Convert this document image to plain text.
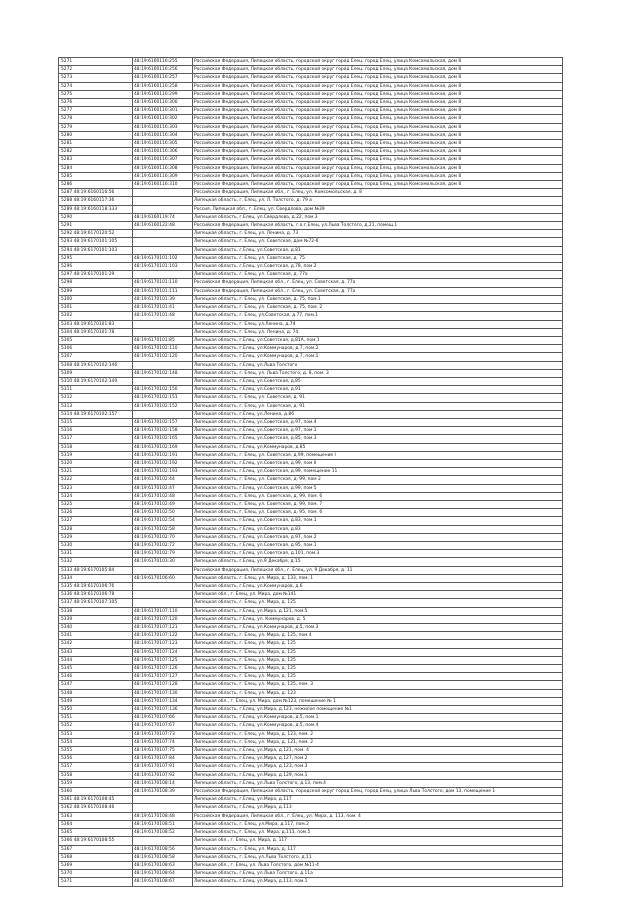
5271	48:19:6160116:255	Российская Федерация, Липецкая область, городской округ город Елец, город Елец, улица Комсомольская, дом 8
5272	48:19:6160116:256	Российская Федерация, Липецкая область, городской округ город Елец, город Елец, улица Комсомольская, дом 8
5273	48:19:6160116:257	Российская Федерация, Липецкая область, городской округ город Елец, город Елец, улица Комсомольская, дом 8
5274	48:19:6160116:258	Российская Федерация, Липецкая область, городской округ город Елец, город Елец, улица Комсомольская, дом 8
5275	48:19:6160116:299	Российская Федерация, Липецкая область, городской округ город Елец, город Елец, улица Комсомольская, дом 8
5276	48:19:6160116:300	Российская Федерация, Липецкая область, городской округ город Елец, город Елец, улица Комсомольская, дом 8
5277	48:19:6160116:301	Российская Федерация, Липецкая область, городской округ город Елец, город Елец, улица Комсомольская, дом 8
5278	48:19:6160116:302	Российская Федерация, Липецкая область, городской округ город Елец, город Елец, улица Комсомольская, дом 8
5279	48:19:6160116:303	Российская Федерация, Липецкая область, городской округ город Елец, город Елец, улица Комсомольская, дом 8
5280	48:19:6160116:304	Российская Федерация, Липецкая область, городской округ город Елец, город Елец, улица Комсомольская, дом 8
5281	48:19:6160116:305	Российская Федерация, Липецкая область, городской округ город Елец, город Елец, улица Комсомольская, дом 8
5282	48:19:6160116:306	Российская Федерация, Липецкая область, городской округ город Елец, город Елец, улица Комсомольская, дом 8
5283	48:19:6160116:307	Российская Федерация, Липецкая область, городской округ город Елец, город Елец, улица Комсомольская, дом 8
5284	48:19:6160116:308	Российская Федерация, Липецкая область, городской округ город Елец, город Елец, улица Комсомольская, дом 8
5285	48:19:6160116:309	Российская Федерация, Липецкая область, городской округ город Елец, город Елец, улица Комсомольская, дом 8
5286	48:19:6160116:310	Российская Федерация, Липецкая область, городской округ город Елец, город Елец, улица Комсомольская, дом 8
5287 48:19:6160116:56		Российская Федерация, Липецкая обл., г. Елец, ул. Комсомольская, д. 8
5288 48:19:6160117:36		Липецкая область, г. Елец, ул. Л. Толстого, д. 79 а
5289 48:19:6160118:333		Россия, Липецкая обл., г. Елец, ул. Свердлова, дом №39
5290	48:19:6160119:74	Липецкая область, г.Елец, ул.Свердлова, д.22, пом.3
5291	48:19:6160122:48	Российская Федерация, Липецкая область, г.о.г.Елец, ул.Льва Толстого, д.21, помещ.1
5292 48:19:6170120:52		Липецкая область, г. Елец, ул. Ленина, д. 73
5293 48:19:6170101:105		Липецкая область, г. Елец, ул. Советская, дом №72-6
5294 48:19:6170101:103		Липецкая область, г.Елец, ул.Советская, д.81
5295	48:19:6170101:102	Липецкая область, г. Елец, ул. Советская, д. 75
5296	48:19:6170101:103	Липецкая область, г.Елец, ул.Советская, д.78, пом.2
5297 48:19:6170101:29		Липецкая область, г. Елец, ул. Советская, д. 77а
5298	48:19:6170101:110	Российская Федерация, Липецкая обл., г. Елец, ул. Советская, д. 77а
5299	48:19:6170101:111	Российская Федерация, Липецкая обл., г. Елец, ул. Советская, д. 77а
5300	48:19:6170101:39	Липецкая область, г. Елец, ул. Советская, д. 75, пом.1
5301	48:19:6170101:41	Липецкая область, г. Елец, ул. Советская, д. 75, пом. 2
5302	48:19:6170101:48	Липецкая область, г. Елец, ул.Советская, д.77, пом.1
5303 48:19:6170101:83		Липецкая область, г. Елец, ул.Ленина, д.74
5304 48:19:6170101:78		Липецкая область, г. Елец, ул. Ленина, д. 74
5305	48:19:6170101:85	Липецкая область, г.Елец, ул.Советская, д.81А, пом.1
5306	48:19:6170102:110	Липецкая область, г.Елец, ул.Коммунаров, д.7, пом.2
5307	48:19:6170102:120	Липецкая область, г.Елец, ул.Коммунаров, д.7, пом.1
5308 48:19:6170102:146		Липецкая область, г.Елец, ул.Льва Толстого
5309	48:19:6170102:148	Липецкая область, г. Елец, ул. Льва Толстого, д. 8, пом. 3
5310 48:19:6170102:149		Липецкая область, г.Елец, ул.Советская, д.85
5311	48:19:6170102:150	Липецкая область, г.Елец, ул.Советская, д.91
5312	48:19:6170102:151	Липецкая область, г. Елец, ул. Советская, д. 91
5313	48:19:6170102:152	Липецкая область, г. Елец, ул. Советская, д. 91
5314 48:19:6170102:157		Липецкая область, г.Елец, ул.Ленина, д.86
5315	48:19:6170102:157	Липецкая область, г.Елец, ул.Советская, д.97, пом.4
5316	48:19:6170102:158	Липецкая область, г.Елец, ул.Советская, д.97, пом.1
5317	48:19:6170102:165	Липецкая область, г.Елец, ул.Советская, д.85, пом.3
5318	48:19:6170102:169	Липецкая область, г.Елец, ул.Коммунаров, д.85
5319	48:19:6170102:191	Липецкая область, г. Елец, ул. Советская, д.99, помещение I
5320	48:19:6170102:192	Липецкая область, г.Елец, ул.Советская, д.99, пом II
5321	48:19:6170102:193	Липецкая область, г.Елец, ул.Советская, д.99, помещение 11
5322	48:19:6170102:44	Липецкая область, г. Елец, ул. Советская, д. 99, пом 2
5323	48:19:6170102:47	Липецкая область, г.Елец, ул.Советская, д.99, пом 5
5324	48:19:6170102:48	Липецкая область, г. Елец, ул. Советская, д. 99, пом. 6
5325	48:19:6170102:49	Липецкая область, г. Елец, ул. Советская, д. 99, пом. 7
5326	48:19:6170102:50	Липецкая область, г. Елец, ул. Советская, д. 95, пом. 6
5327	48:19:6170102:54	Липецкая область, г.Елец, ул.Советская, д.83, пом.1
5328	48:19:6170102:58	Липецкая область, г.Елец, ул.Советская, д.83
5329	48:19:6170102:70	Липецкая область, г.Елец, ул.Советская, д.97, пом.2
5330	48:19:6170102:72	Липецкая область, г.Елец, ул.Советская, д.95, пом.1
5331	48:19:6170102:79	Липецкая область, г.Елец, ул.Советская, д.101, пом.3
5332	48:19:6170103:30	Липецкая область, г.Елец, ул.9 Декабря, д.15
5333 48:19:6170105:84		Российская Федерация, Липецкая обл., г. Елец, ул. 9 Декабря, д. 11
5334	48:19:6170106:60	Липецкая область, г. Елец, ул. Мира, д. 133, пом. 1
5335 48:19:6170106:76		Липецкая область, г.Елец, ул.Коммунаров, д.6
5336 48:19:6170106:78		Липецкая обл., г. Елец, ул. Мира, дом №141
5337 48:19:6170107:105		Липецкая область, г. Елец, ул. Мира, д. 125
5338	48:19:6170107:110	Липецкая область, г.Елец, ул.Мира, д.121, пом.5
5339	48:19:6170107:120	Липецкая область, г.Елец, ул. Коммунаров, д. 5
5340	48:19:6170107:121	Липецкая область, г.Елец, ул.Коммунаров, д.5, пом.3
5341	48:19:6170107:122	Липецкая область, г. Елец, ул. Мира, д. 125, пом 4
5342	48:19:6170107:123	Липецкая область, г. Елец, ул. Мира, д. 125
5343	48:19:6170107:124	Липецкая область, г. Елец, ул. Мира, д. 125
5344	48:19:6170107:125	Липецкая область, г. Елец, ул. Мира, д. 125
5345	48:19:6170107:126	Липецкая область, г. Елец, ул. Мира, д. 125
5346	48:19:6170107:127	Липецкая область, г. Елец, ул. Мира, д. 125
5347	48:19:6170107:128	Липецкая область, г. Елец, ул. Мира, д. 125, пом. 3
5348	48:19:6170107:130	Липецкая область, г. Елец, ул. Мира, д. 123
5349	48:19:6170107:134	Липецкая обл., г. Елец, ул. Мира, дом №123, помещение № 1
5350	48:19:6170107:136	Липецкая область, г.Елец, ул.Мира, д.123, нежилое помещение №1
5351	48:19:6170107:66	Липецкая область, г.Елец, ул.Коммунаров, д.5, пом.1
5352	48:19:6170107:67	Липецкая область, г.Елец, ул.Коммунаров, д.5, пом.4
5353	48:19:6170107:73	Липецкая область, г. Елец, ул. Мира, д. 123, пом. 2
5354	48:19:6170107:74	Липецкая область, г. Елец, ул. Мира, д. 121, пом. 2
5355	48:19:6170107:75	Липецкая область, г.Елец, ул.Мира, д.121, пом. 4
5356	48:19:6170107:84	Липецкая область, г.Елец, ул.Мира, д.127, пом.2
5357	48:19:6170107:91	Липецкая область, г.Елец, ул.Мира, д.123, пом.3
5358	48:19:6170107:92	Липецкая область, г.Елец, ул.Мира, д.129, пом.1
5359	48:19:6170108:14	Липецкая область, г.Елец, ул.Льва Толстого, д.13, пом.4
5360	48:19:6170108:39	Российская Федерация, Липецкая область, городской округ город Елец, город Елец, улица Льва Толстого, дом 13, помещение 1
5361 48:19:6170108:45		Липецкая область, г.Елец, ул.Мира, д.117
5362 48:19:6170108:46		Липецкая область, г.Елец, ул.Мира, д.113
5363	48:19:6170108:48	Российская Федерация, Липецкая обл., г. Елец, ул. Мира, д. 113, пом. 4
5364	48:19:6170108:51	Липецкая область, г. Елец, ул.Мира, д.117, пом.2
5365	48:19:6170108:52	Липецкая область, г. Елец, ул. Мира, д.113, пом.5
5366 48:19:6170108:55		Липецкая обл., г. Елец, ул. Мира, д. 117
5367	48:19:6170108:56	Липецкая область, г. Елец, ул. Мира, д. 117
5368	48:19:6170108:58	Липецкая область, г. Елец, ул.Льва Толстого, д.11
5369	48:19:6170108:63	Липецкая обл., г. Елец, ул. Льва Толстого, дом №11-4
5370	48:19:6170108:64	Липецкая область, г.Елец, ул.Льва Толстого, д.11а
5371	48:19:6170108:67	Липецкая область, г.Елец, ул.Мира, д.113, пом.1
